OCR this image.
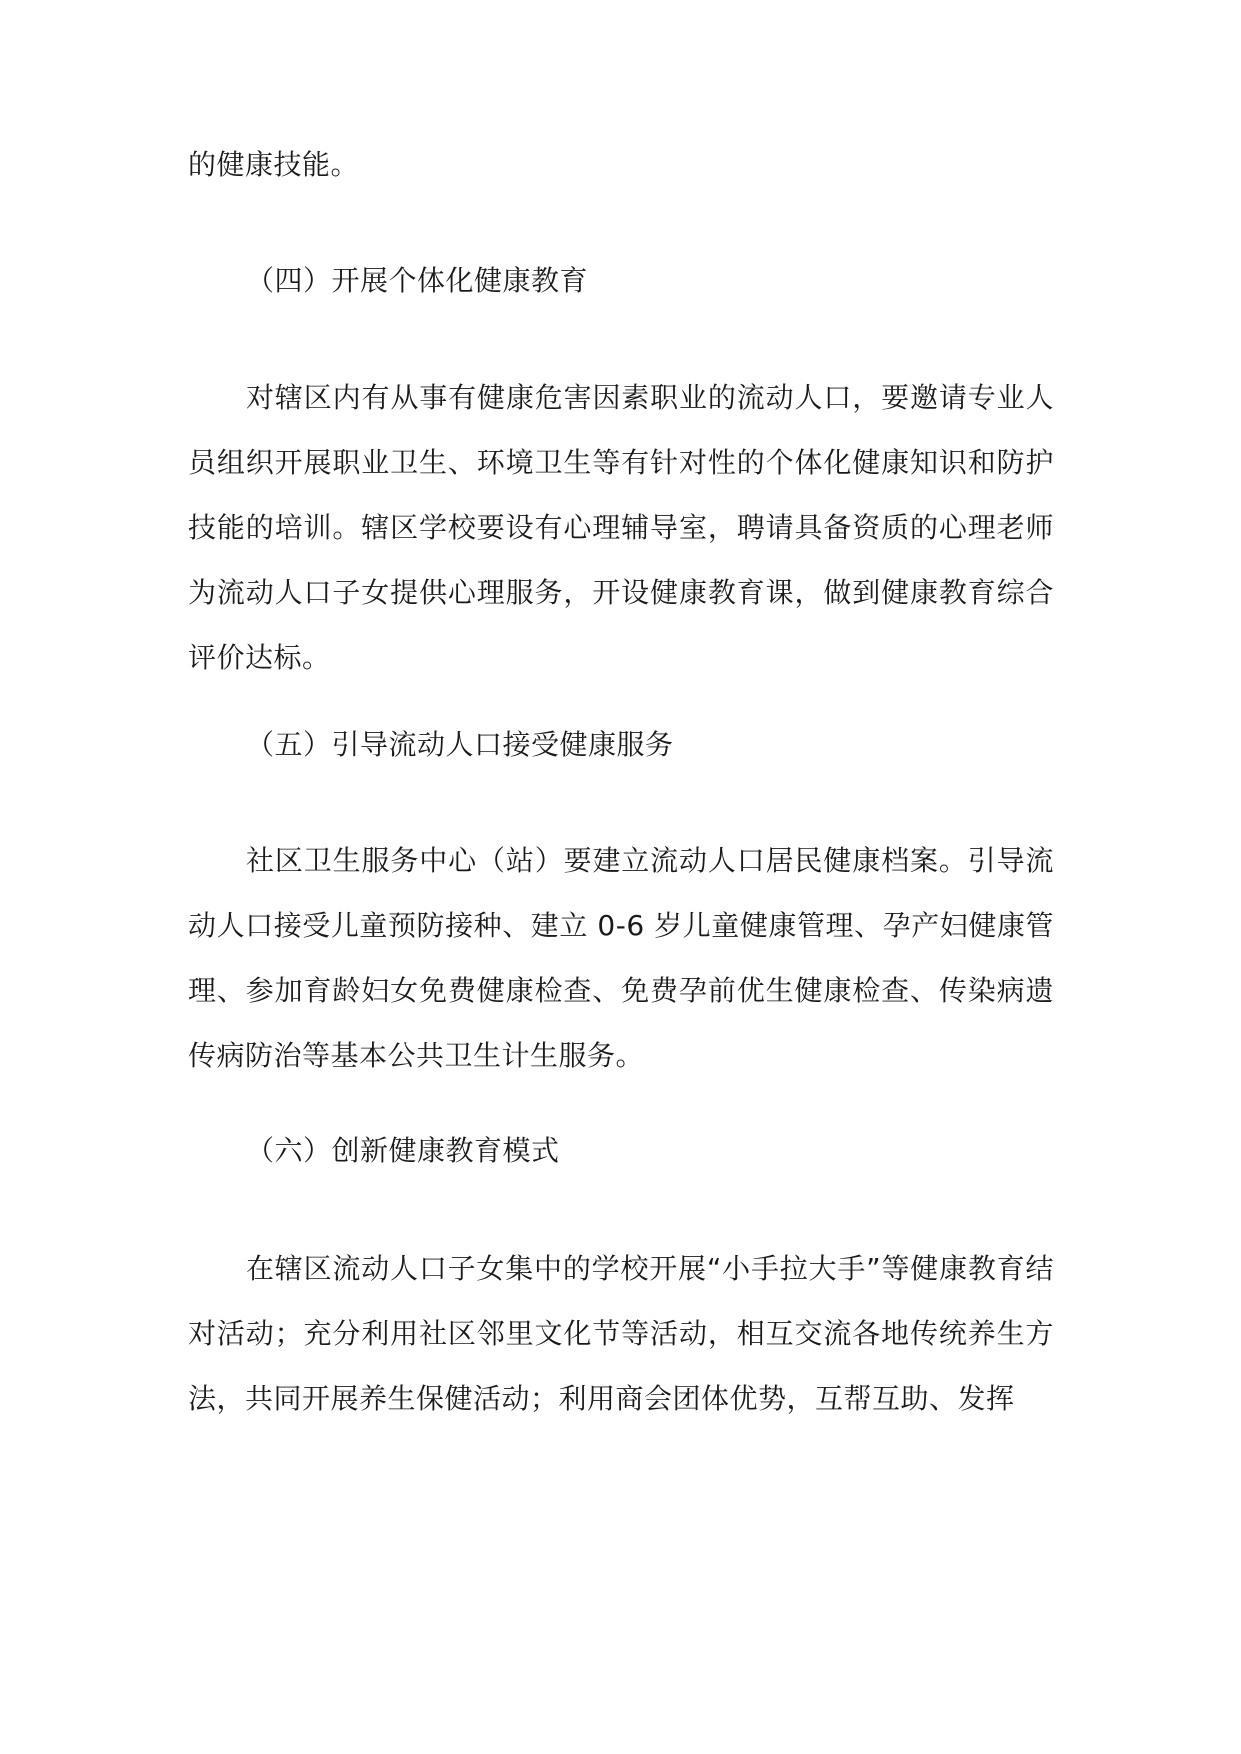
的健康技能。

（四）开展个体化健康教育

对辖区内有从事有健康危害因素职业的流动人口，要邀请专业人员组织开展职业卫生、环境卫生等有针对性的个体化健康知识和防护技能的培训。辖区学校要设有心理辅导室，聘请具备资质的心理老师为流动人口子女提供心理服务，开设健康教育课，做到健康教育综合评价达标。

（五）引导流动人口接受健康服务

社区卫生服务中心（站）要建立流动人口居民健康档案。引导流动人口接受儿童预防接种、建立 0-6 岁儿童健康管理、孕产妇健康管理、参加育龄妇女免费健康检查、免费孕前优生健康检查、传染病遗传病防治等基本公共卫生计生服务。

（六）创新健康教育模式

在辖区流动人口子女集中的学校开展“小手拉大手”等健康教育结对活动；充分利用社区邻里文化节等活动，相互交流各地传统养生方法，共同开展养生保健活动；利用商会团体优势，互帮互助、发挥
